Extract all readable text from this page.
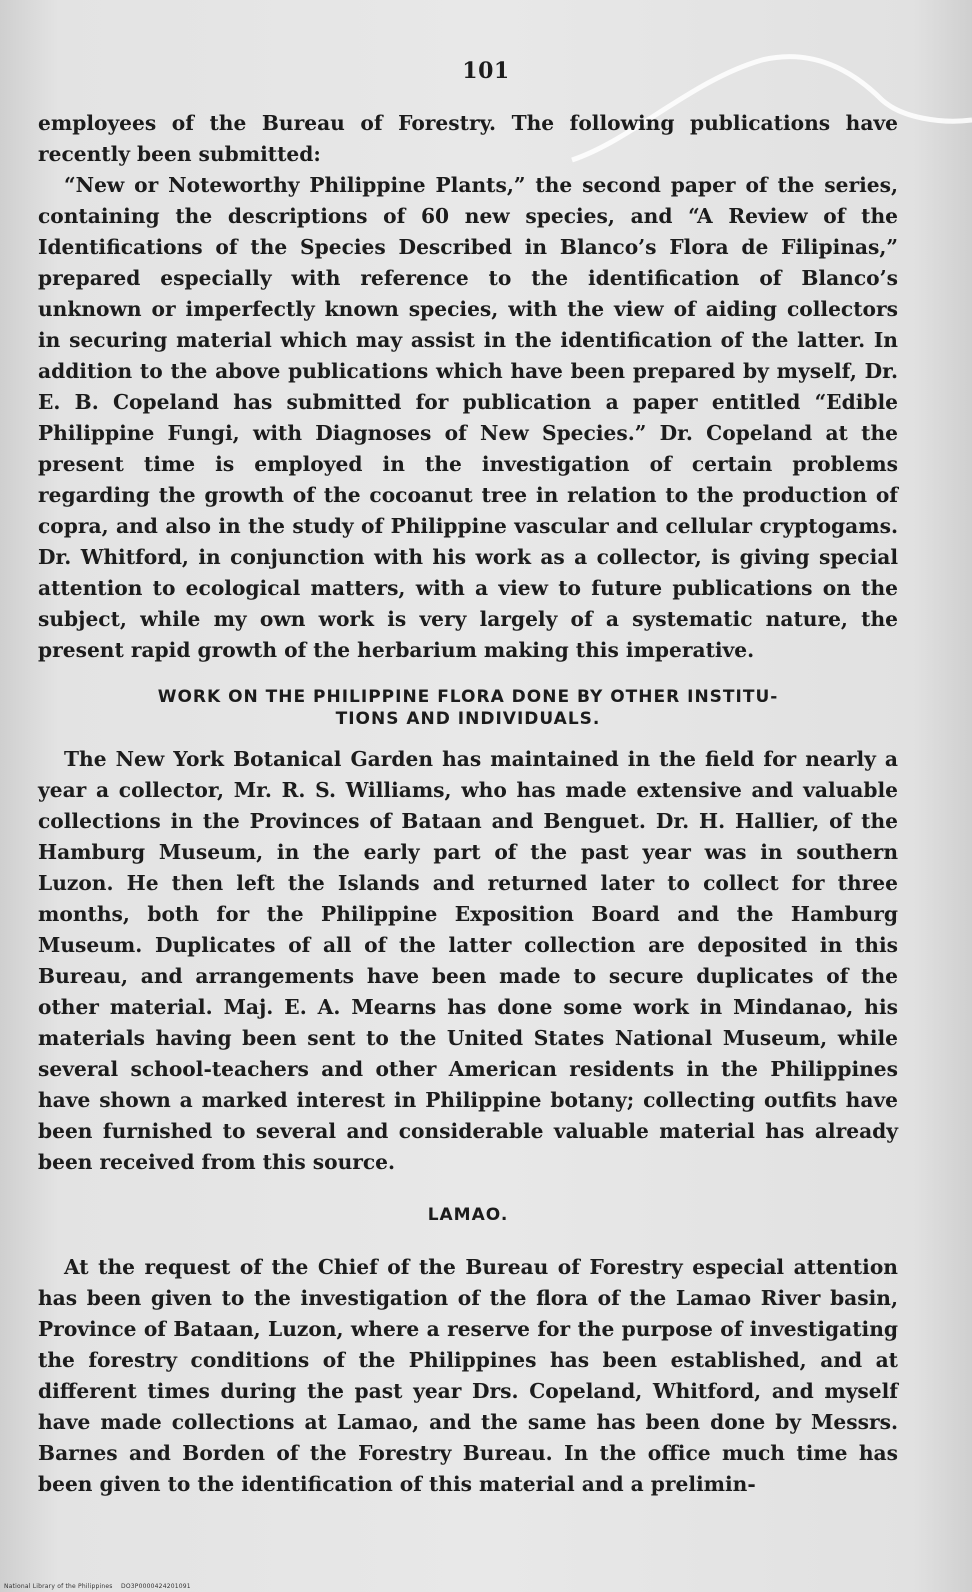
101

employees of the Bureau of Forestry. The following publications have recently been submitted:

“New or Noteworthy Philippine Plants,” the second paper of the series, containing the descriptions of 60 new species, and “A Review of the Identifications of the Species Described in Blanco’s Flora de Filipinas,” prepared especially with reference to the identification of Blanco’s unknown or imperfectly known species, with the view of aiding collectors in securing material which may assist in the identification of the latter. In addition to the above publications which have been prepared by myself, Dr. E. B. Copeland has submitted for publication a paper entitled “Edible Philippine Fungi, with Diagnoses of New Species.” Dr. Copeland at the present time is employed in the investigation of certain problems regarding the growth of the cocoanut tree in relation to the production of copra, and also in the study of Philippine vascular and cellular cryptogams. Dr. Whitford, in conjunction with his work as a collector, is giving special attention to ecological matters, with a view to future publications on the subject, while my own work is very largely of a systematic nature, the present rapid growth of the herbarium making this imperative.

WORK ON THE PHILIPPINE FLORA DONE BY OTHER INSTITU-
TIONS AND INDIVIDUALS.

The New York Botanical Garden has maintained in the field for nearly a year a collector, Mr. R. S. Williams, who has made extensive and valuable collections in the Provinces of Bataan and Benguet. Dr. H. Hallier, of the Hamburg Museum, in the early part of the past year was in southern Luzon. He then left the Islands and returned later to collect for three months, both for the Philippine Exposition Board and the Hamburg Museum. Duplicates of all of the latter collection are deposited in this Bureau, and arrangements have been made to secure duplicates of the other material. Maj. E. A. Mearns has done some work in Mindanao, his materials having been sent to the United States National Museum, while several school-teachers and other American residents in the Philippines have shown a marked interest in Philippine botany; collecting outfits have been furnished to several and considerable valuable material has already been received from this source.

LAMAO.

At the request of the Chief of the Bureau of Forestry especial attention has been given to the investigation of the flora of the Lamao River basin, Province of Bataan, Luzon, where a reserve for the purpose of investigating the forestry conditions of the Philippines has been established, and at different times during the past year Drs. Copeland, Whitford, and myself have made collections at Lamao, and the same has been done by Messrs. Barnes and Borden of the Forestry Bureau. In the office much time has been given to the identification of this material and a prelimin-

National Library of the Philippines DO3P0000424201091
